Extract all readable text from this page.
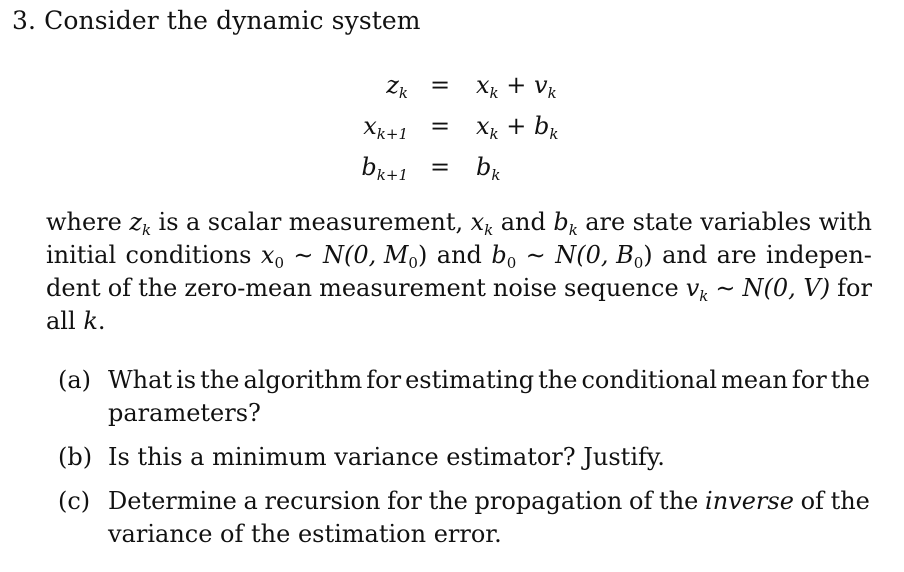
3. Consider the dynamic system
$z_k = x_k + v_k$
$x_{k+1} = x_k + b_k$
$b_{k+1} = b_k$
where $z_k$ is a scalar measurement, $x_k$ and $b_k$ are state variables with
initial conditions $x_0$ ∼ N(0, $M_0$) and $b_0$ ∼ N(0, $B_0$) and are indepen-
dent of the zero-mean measurement noise sequence $v_k$ ∼ N(0, V) for
all
k .
(a) What is the algorithm for estimating the conditional mean for the
parameters?
(b) Is this a minimum variance estimator? Justify.
(c) Determine a recursion for the propagation of the inverse of the
variance of the estimation error.
